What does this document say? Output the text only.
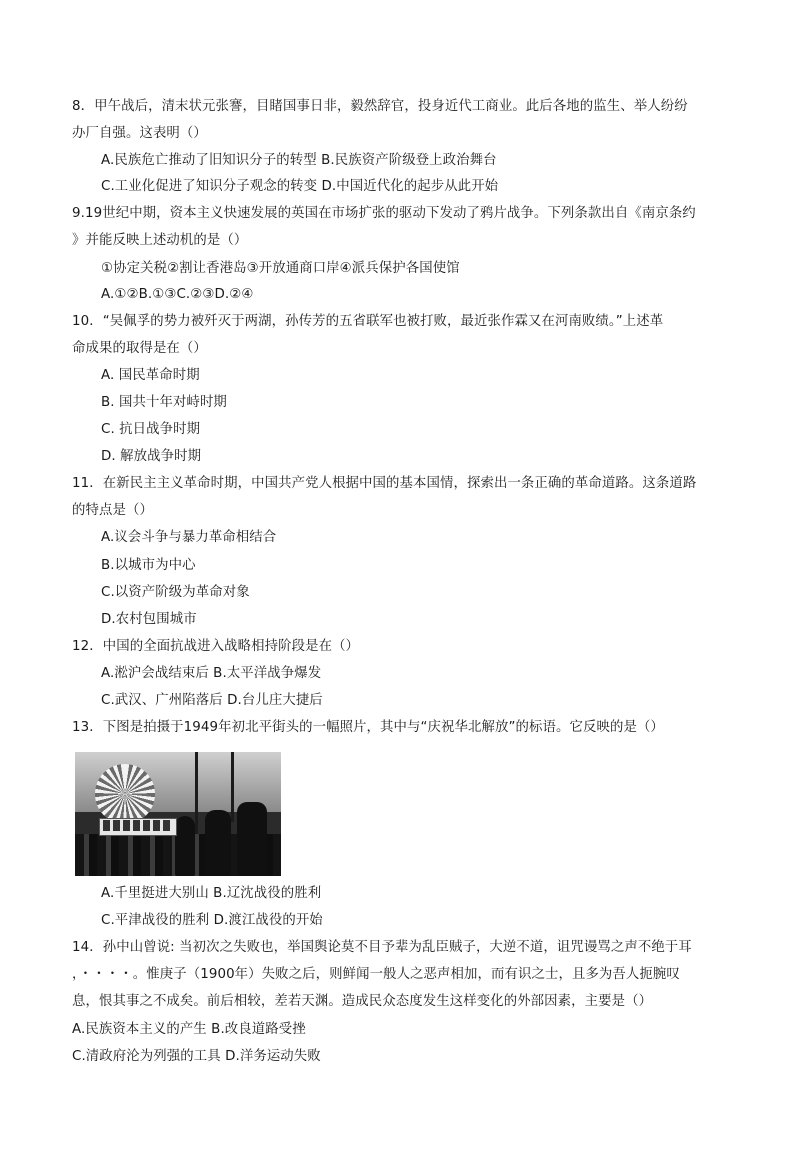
8．甲午战后，清末状元张謇，目睹国事日非，毅然辞官，投身近代工商业。此后各地的监生、举人纷纷
办厂自强。这表明（）
A.民族危亡推动了旧知识分子的转型 B.民族资产阶级登上政治舞台
C.工业化促进了知识分子观念的转变 D.中国近代化的起步从此开始
9.19世纪中期，资本主义快速发展的英国在市场扩张的驱动下发动了鸦片战争。下列条款出自《南京条约
》并能反映上述动机的是（）
①协定关税②割让香港岛③开放通商口岸④派兵保护各国使馆
A.①②B.①③C.②③D.②④
10．“吴佩孚的势力被歼灭于两湖，孙传芳的五省联军也被打败，最近张作霖又在河南败绩。”上述革
命成果的取得是在（）
A. 国民革命时期
B. 国共十年对峙时期
C. 抗日战争时期
D. 解放战争时期
11．在新民主主义革命时期，中国共产党人根据中国的基本国情，探索出一条正确的革命道路。这条道路
的特点是（）
A.议会斗争与暴力革命相结合
B.以城市为中心
C.以资产阶级为革命对象
D.农村包围城市
12．中国的全面抗战进入战略相持阶段是在（）
A.淞沪会战结束后 B.太平洋战争爆发
C.武汉、广州陷落后 D.台儿庄大捷后
13．下图是拍摄于1949年初北平街头的一幅照片，其中与“庆祝华北解放”的标语。它反映的是（）
A.千里挺进大别山 B.辽沈战役的胜利
C.平津战役的胜利 D.渡江战役的开始
14．孙中山曾说: 当初次之失败也，举国舆论莫不目予辈为乱臣贼子，大逆不道，诅咒谩骂之声不绝于耳
，・・・・。惟庚子（1900年）失败之后，则鲜闻一般人之恶声相加，而有识之士，且多为吾人扼腕叹
息，恨其事之不成矣。前后相较，差若天渊。造成民众态度发生这样变化的外部因素，主要是（）
A.民族资本主义的产生 B.改良道路受挫
C.清政府沦为列强的工具 D.洋务运动失败
